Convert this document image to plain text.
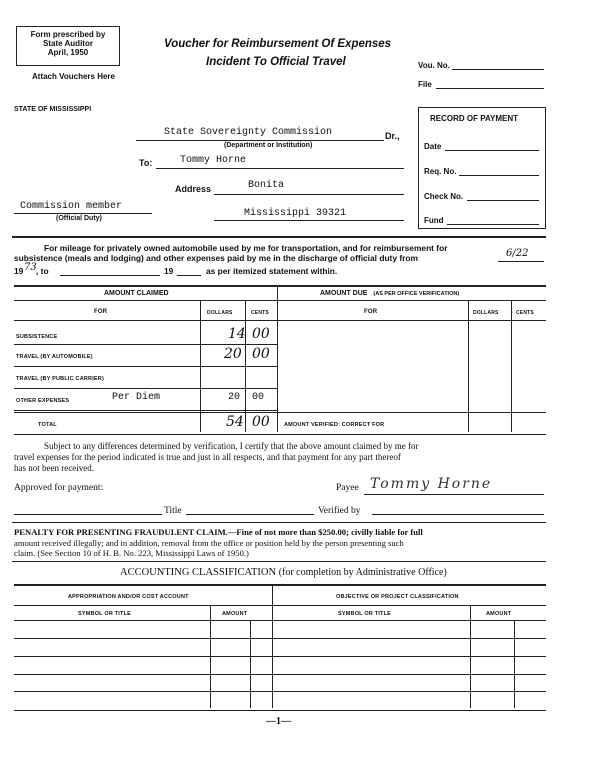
Form prescribed by
State Auditor
April, 1950
Attach Vouchers Here
Voucher for Reimbursement Of Expenses
Incident To Official Travel	Vou. No.
File
STATE OF MISSISSIPPI
State Sovereignty Commission	Dr.,
(Department or Institution)
To:	Tommy Horne
Address	Bonita
Commission member
(Official Duty)	Mississippi 39321
RECORD OF PAYMENT
Date
Req. No.
Check No.
Fund
For mileage for privately owned automobile used by me for transportation, and for reimbursement for
subsistence (meals and lodging) and other expenses paid by me in the discharge of official duty from	6/22
19 73 , to	19	as per itemized statement within.
AMOUNT CLAIMED	AMOUNT DUE (AS PER OFFICE VERIFICATION)
FOR	DOLLARS	CENTS	FOR	DOLLARS	CENTS
SUBSISTENCE	14 00
TRAVEL (BY AUTOMOBILE)	20 00
TRAVEL (BY PUBLIC CARRIER)
OTHER EXPENSES	Per Diem	20 00
TOTAL	54 00	AMOUNT VERIFIED: CORRECT FOR
Subject to any differences determined by verification, I certify that the above amount claimed by me for
travel expenses for the period indicated is true and just in all respects, and that payment for any part thereof
has not been received.
Approved for payment:	Payee Tommy Horne
Title	Verified by
PENALTY FOR PRESENTING FRAUDULENT CLAIM.—Fine of not more than $250.00; civilly liable for full
amount received illegally; and in addition, removal from the office or position held by the person presenting such
claim. (See Section 10 of H. B. No. 223, Mississippi Laws of 1950.)
ACCOUNTING CLASSIFICATION (for completion by Administrative Office)
APPROPRIATION AND/OR COST ACCOUNT	OBJECTIVE OR PROJECT CLASSIFICATION
SYMBOL OR TITLE	AMOUNT	SYMBOL OR TITLE	AMOUNT
—1—
